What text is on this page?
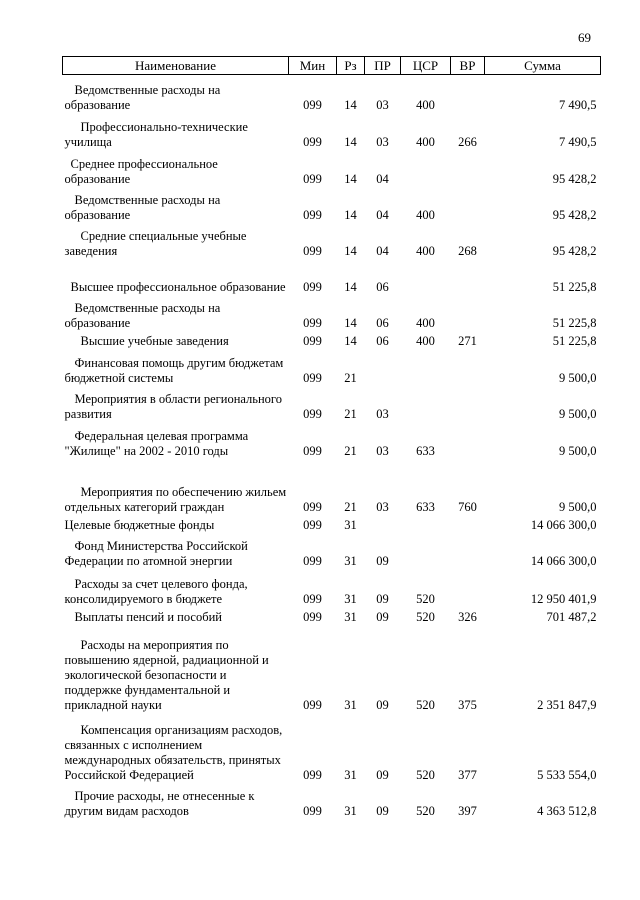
69
Наименование	Мин	Рз	ПР	ЦСР	ВР	Сумма
Ведомственные расходы на образование	099	14	03	400		7 490,5
Профессионально-технические училища	099	14	03	400	266	7 490,5
Среднее профессиональное образование	099	14	04			95 428,2
Ведомственные расходы на образование	099	14	04	400		95 428,2
Средние специальные учебные заведения	099	14	04	400	268	95 428,2
Высшее профессиональное образование	099	14	06			51 225,8
Ведомственные расходы на образование	099	14	06	400		51 225,8
Высшие учебные заведения	099	14	06	400	271	51 225,8
Финансовая помощь другим бюджетам бюджетной системы	099	21				9 500,0
Мероприятия в области регионального развития	099	21	03			9 500,0
Федеральная целевая программа "Жилище" на 2002 - 2010 годы	099	21	03	633		9 500,0
Мероприятия по обеспечению жильем отдельных категорий граждан	099	21	03	633	760	9 500,0
Целевые бюджетные фонды	099	31				14 066 300,0
Фонд Министерства Российской Федерации по атомной энергии	099	31	09			14 066 300,0
Расходы за счет целевого фонда, консолидируемого в бюджете	099	31	09	520		12 950 401,9
Выплаты пенсий и пособий	099	31	09	520	326	701 487,2
Расходы на мероприятия по повышению ядерной, радиационной и экологической безопасности и поддержке фундаментальной и прикладной науки	099	31	09	520	375	2 351 847,9
Компенсация организациям расходов, связанных с исполнением международных обязательств, принятых Российской Федерацией	099	31	09	520	377	5 533 554,0
Прочие расходы, не отнесенные к другим видам расходов	099	31	09	520	397	4 363 512,8
